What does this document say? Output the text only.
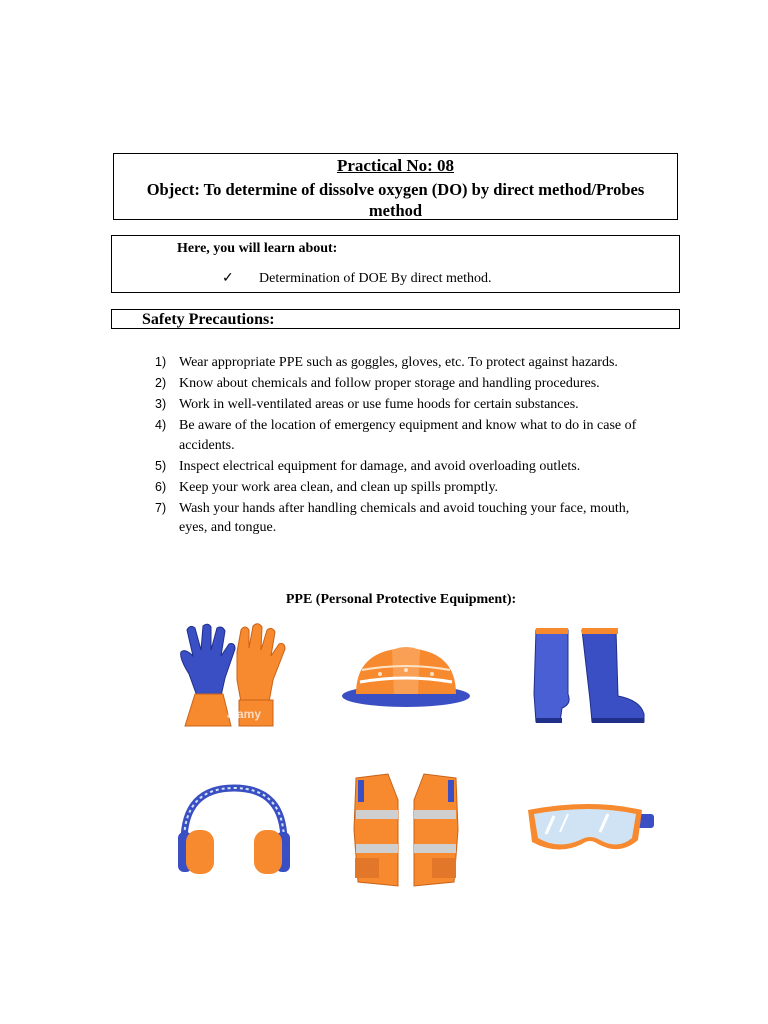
Practical No: 08
Object: To determine of dissolve oxygen (DO) by direct method/Probes method
Here, you will learn about:
✓	Determination of DOE By direct method.
Safety Precautions:
1) Wear appropriate PPE such as goggles, gloves, etc. To protect against hazards.
2) Know about chemicals and follow proper storage and handling procedures.
3) Work in well-ventilated areas or use fume hoods for certain substances.
4) Be aware of the location of emergency equipment and know what to do in case of accidents.
5) Inspect electrical equipment for damage, and avoid overloading outlets.
6) Keep your work area clean, and clean up spills promptly.
7) Wash your hands after handling chemicals and avoid touching your face, mouth, eyes, and tongue.
PPE (Personal Protective Equipment):
alamy
